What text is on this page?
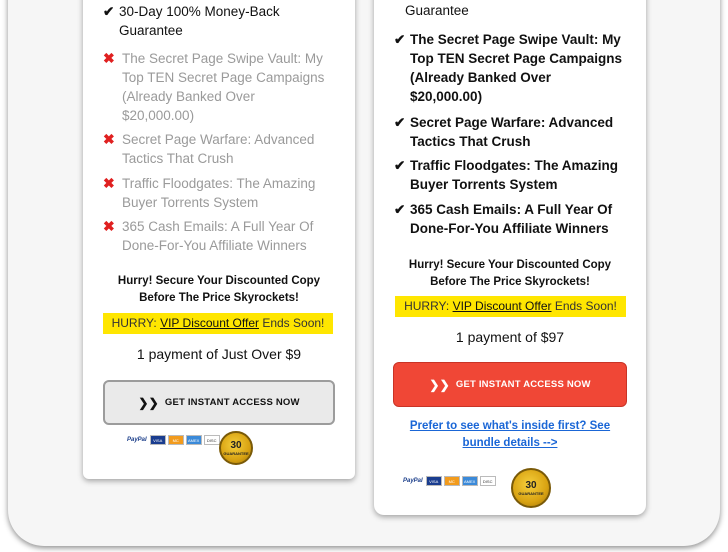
✔ 30-Day 100% Money-Back
Guarantee
✖ The Secret Page Swipe Vault: My
Top TEN Secret Page Campaigns
(Already Banked Over
$20,000.00)
✖ Secret Page Warfare: Advanced
Tactics That Crush
✖ Traffic Floodgates: The Amazing
Buyer Torrents System
✖ 365 Cash Emails: A Full Year Of
Done-For-You Affiliate Winners
Hurry! Secure Your Discounted Copy
Before The Price Skyrockets!
HURRY: VIP Discount Offer Ends Soon!
1 payment of Just Over $9
❯❯ GET INSTANT ACCESS NOW
PayPal	VISA	MC	AMEX	DISC	30
GUARANTEE
Guarantee
✔ The Secret Page Swipe Vault: My
Top TEN Secret Page Campaigns
(Already Banked Over
$20,000.00)
✔ Secret Page Warfare: Advanced
Tactics That Crush
✔ Traffic Floodgates: The Amazing
Buyer Torrents System
✔ 365 Cash Emails: A Full Year Of
Done-For-You Affiliate Winners
Hurry! Secure Your Discounted Copy
Before The Price Skyrockets!
HURRY: VIP Discount Offer Ends Soon!
1 payment of $97
❯❯ GET INSTANT ACCESS NOW
Prefer to see what's inside first? See
bundle details -->
PayPal	VISA	MC	AMEX	DISC	30
GUARANTEE
